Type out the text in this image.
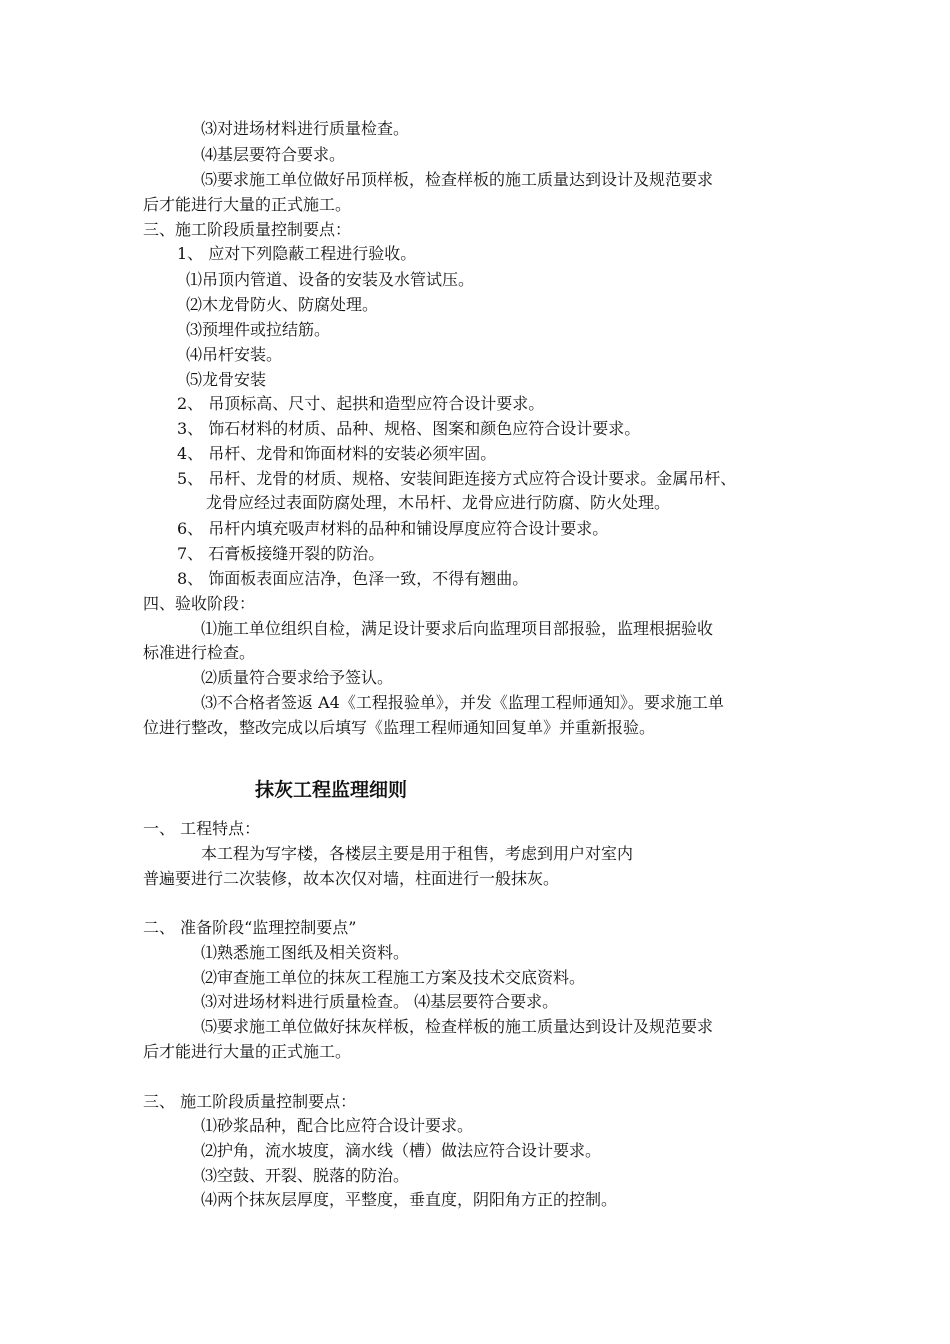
⑶对进场材料进行质量检查。
⑷基层要符合要求。
⑸要求施工单位做好吊顶样板，检查样板的施工质量达到设计及规范要求
后才能进行大量的正式施工。
三、施工阶段质量控制要点：
1、 应对下列隐蔽工程进行验收。
⑴吊顶内管道、设备的安装及水管试压。
⑵木龙骨防火、防腐处理。
⑶预埋件或拉结筋。
⑷吊杆安装。
⑸龙骨安装
2、 吊顶标高、尺寸、起拱和造型应符合设计要求。
3、 饰石材料的材质、品种、规格、图案和颜色应符合设计要求。
4、 吊杆、龙骨和饰面材料的安装必须牢固。
5、 吊杆、龙骨的材质、规格、安装间距连接方式应符合设计要求。金属吊杆、
龙骨应经过表面防腐处理，木吊杆、龙骨应进行防腐、防火处理。
6、 吊杆内填充吸声材料的品种和铺设厚度应符合设计要求。
7、 石膏板接缝开裂的防治。
8、 饰面板表面应洁净，色泽一致，不得有翘曲。
四、验收阶段：
⑴施工单位组织自检，满足设计要求后向监理项目部报验，监理根据验收
标准进行检查。
⑵质量符合要求给予签认。
⑶不合格者签返 A4《工程报验单》，并发《监理工程师通知》。要求施工单
位进行整改，整改完成以后填写《监理工程师通知回复单》并重新报验。
抹灰工程监理细则
一、 工程特点：
本工程为写字楼，各楼层主要是用于租售，考虑到用户对室内
普遍要进行二次装修，故本次仅对墙，柱面进行一般抹灰。
二、 准备阶段“监理控制要点”
⑴熟悉施工图纸及相关资料。
⑵审查施工单位的抹灰工程施工方案及技术交底资料。
⑶对进场材料进行质量检查。 ⑷基层要符合要求。
⑸要求施工单位做好抹灰样板，检查样板的施工质量达到设计及规范要求
后才能进行大量的正式施工。
三、 施工阶段质量控制要点：
⑴砂浆品种，配合比应符合设计要求。
⑵护角，流水坡度，滴水线（槽）做法应符合设计要求。
⑶空鼓、开裂、脱落的防治。
⑷两个抹灰层厚度，平整度，垂直度，阴阳角方正的控制。
